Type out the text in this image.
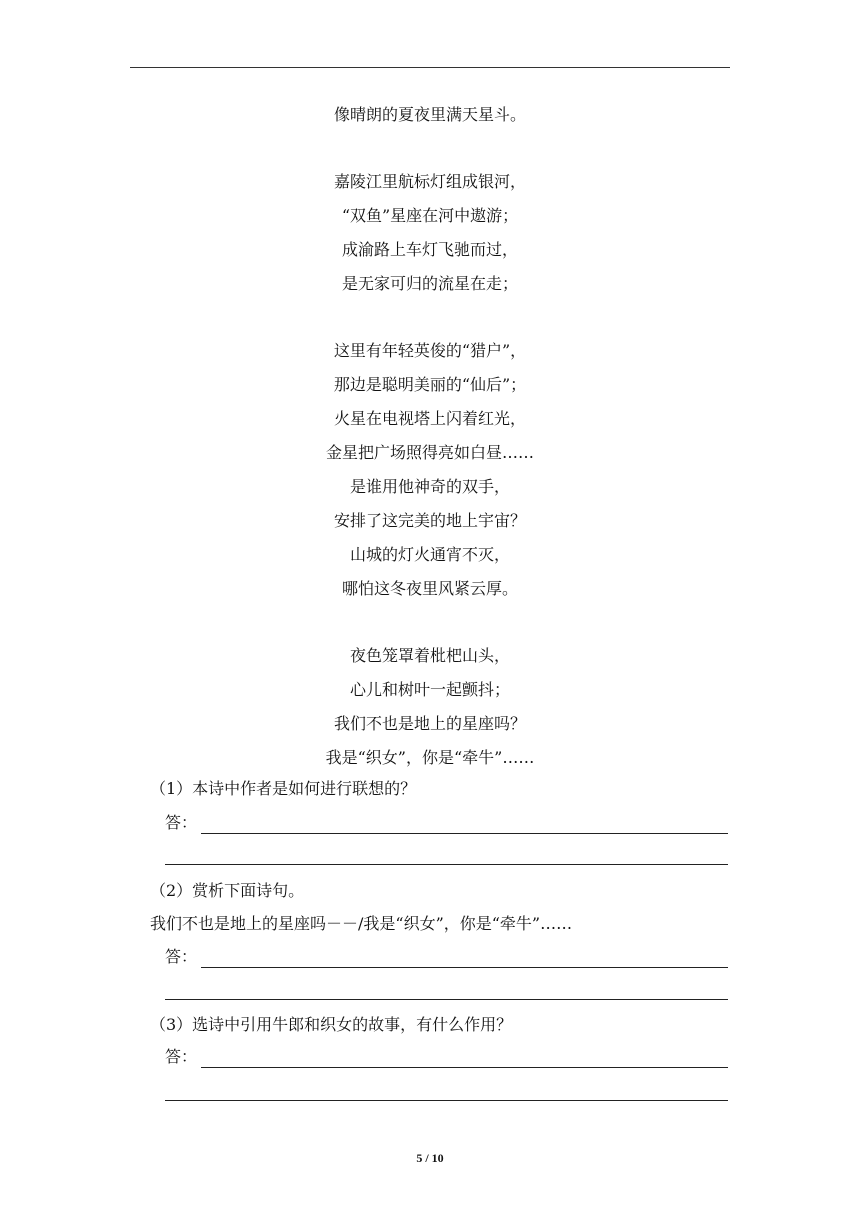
像晴朗的夏夜里满天星斗。
嘉陵江里航标灯组成银河，
“双鱼”星座在河中遨游；
成渝路上车灯飞驰而过，
是无家可归的流星在走；
这里有年轻英俊的“猎户”，
那边是聪明美丽的“仙后”；
火星在电视塔上闪着红光，
金星把广场照得亮如白昼……
是谁用他神奇的双手，
安排了这完美的地上宇宙？
山城的灯火通宵不灭，
哪怕这冬夜里风紧云厚。
夜色笼罩着枇杷山头，
心儿和树叶一起颤抖；
我们不也是地上的星座吗？
我是“织女”，你是“牵牛”……
（1）本诗中作者是如何进行联想的？
答：
（2）赏析下面诗句。
我们不也是地上的星座吗－－/我是“织女”，你是“牵牛”……
答：
（3）选诗中引用牛郎和织女的故事，有什么作用？
答：
5 / 10
